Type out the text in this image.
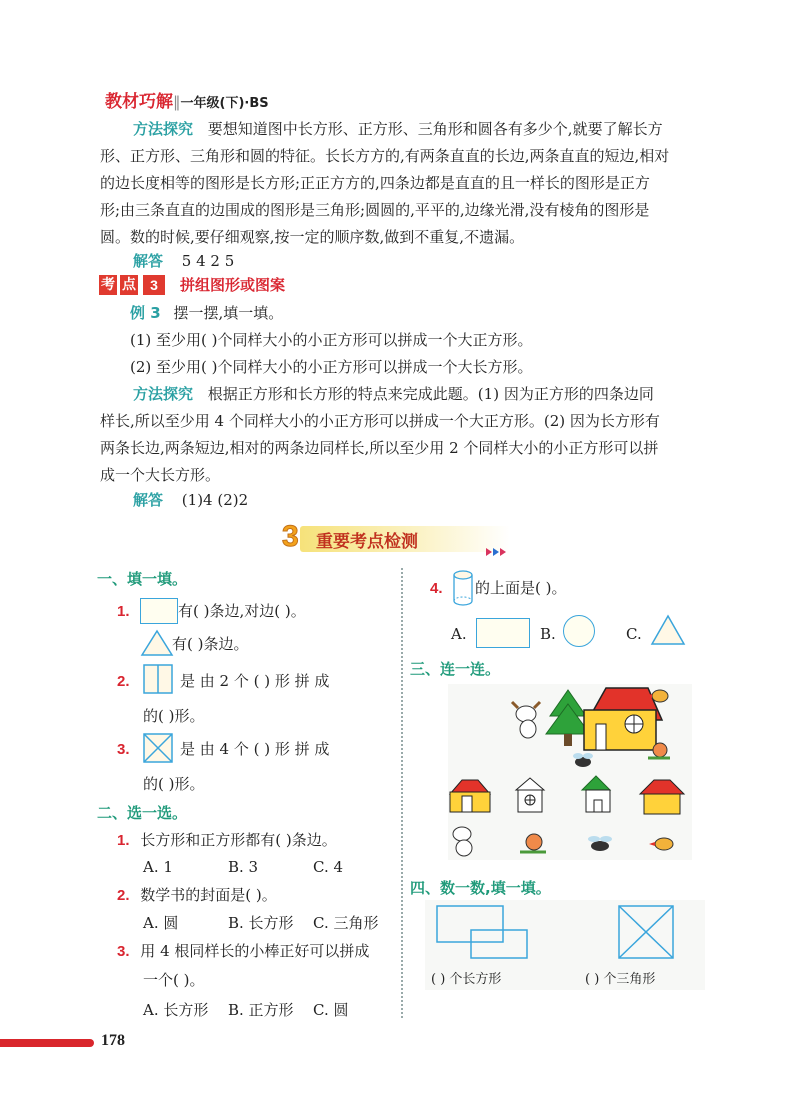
教材巧解‖一年级(下)·BS
方法探究 要想知道图中长方形、正方形、三角形和圆各有多少个,就要了解长方
形、正方形、三角形和圆的特征。长长方方的,有两条直直的长边,两条直直的短边,相对
的边长度相等的图形是长方形;正正方方的,四条边都是直直的且一样长的图形是正方
形;由三条直直的边围成的图形是三角形;圆圆的,平平的,边缘光滑,没有棱角的图形是
圆。数的时候,要仔细观察,按一定的顺序数,做到不重复,不遗漏。
解答 5 4 2 5
考 点	3	拼组图形或图案
例 3 摆一摆,填一填。
(1) 至少用( )个同样大小的小正方形可以拼成一个大正方形。
(2) 至少用( )个同样大小的小正方形可以拼成一个大长方形。
方法探究 根据正方形和长方形的特点来完成此题。(1) 因为正方形的四条边同
样长,所以至少用 4 个同样大小的小正方形可以拼成一个大正方形。(2) 因为长方形有
两条长边,两条短边,相对的两条边同样长,所以至少用 2 个同样大小的小正方形可以拼
成一个大长方形。
解答 (1)4 (2)2
3 重要考点检测
一、填一填。
1.	有( )条边,对边( )。
有( )条边。
2.	是 由 2 个 ( ) 形 拼 成
的( )形。
3.	是 由 4 个 ( ) 形 拼 成
的( )形。
二、选一选。
1. 长方形和正方形都有( )条边。
A. 1	B. 3	C. 4
2. 数学书的封面是( )。
A. 圆	B. 长方形 C. 三角形
3. 用 4 根同样长的小棒正好可以拼成
一个( )。
A. 长方形 B. 正方形 C. 圆
4. 的上面是( )。
A.	B.	C.
三、连一连。
四、数一数,填一填。
( ) 个长方形	( ) 个三角形
178
